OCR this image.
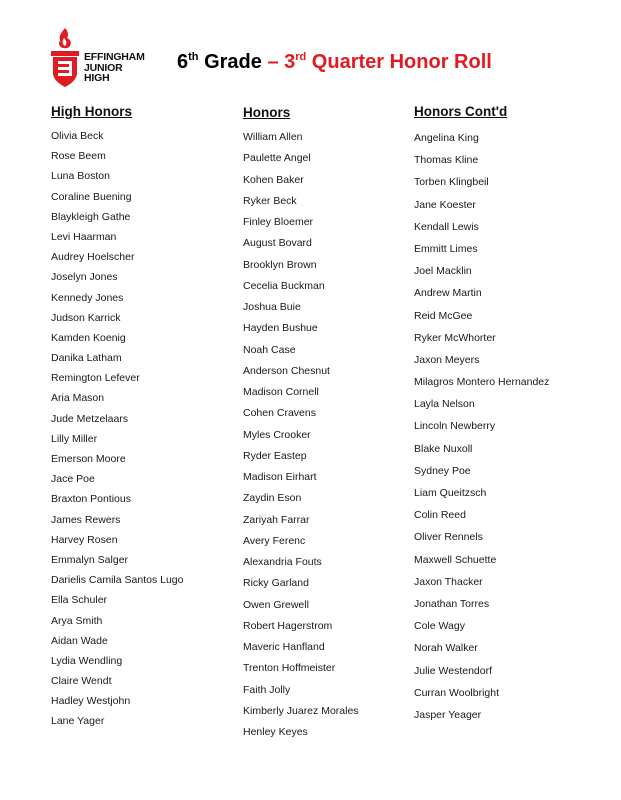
EFFINGHAM
JUNIOR
HIGH
6th Grade – 3rd Quarter Honor Roll
High Honors
Olivia Beck
Rose Beem
Luna Boston
Coraline Buening
Blaykleigh Gathe
Levi Haarman
Audrey Hoelscher
Joselyn Jones
Kennedy Jones
Judson Karrick
Kamden Koenig
Danika Latham
Remington Lefever
Aria Mason
Jude Metzelaars
Lilly Miller
Emerson Moore
Jace Poe
Braxton Pontious
James Rewers
Harvey Rosen
Emmalyn Salger
Darielis Camila Santos Lugo
Ella Schuler
Arya Smith
Aidan Wade
Lydia Wendling
Claire Wendt
Hadley Westjohn
Lane Yager
Honors
William Allen
Paulette Angel
Kohen Baker
Ryker Beck
Finley Bloemer
August Bovard
Brooklyn Brown
Cecelia Buckman
Joshua Buie
Hayden Bushue
Noah Case
Anderson Chesnut
Madison Cornell
Cohen Cravens
Myles Crooker
Ryder Eastep
Madison Eirhart
Zaydin Eson
Zariyah Farrar
Avery Ferenc
Alexandria Fouts
Ricky Garland
Owen Grewell
Robert Hagerstrom
Maveric Hanfland
Trenton Hoffmeister
Faith Jolly
Kimberly Juarez Morales
Henley Keyes
Honors Cont'd
Angelina King
Thomas Kline
Torben Klingbeil
Jane Koester
Kendall Lewis
Emmitt Limes
Joel Macklin
Andrew Martin
Reid McGee
Ryker McWhorter
Jaxon Meyers
Milagros Montero Hernandez
Layla Nelson
Lincoln Newberry
Blake Nuxoll
Sydney Poe
Liam Queitzsch
Colin Reed
Oliver Rennels
Maxwell Schuette
Jaxon Thacker
Jonathan Torres
Cole Wagy
Norah Walker
Julie Westendorf
Curran Woolbright
Jasper Yeager
